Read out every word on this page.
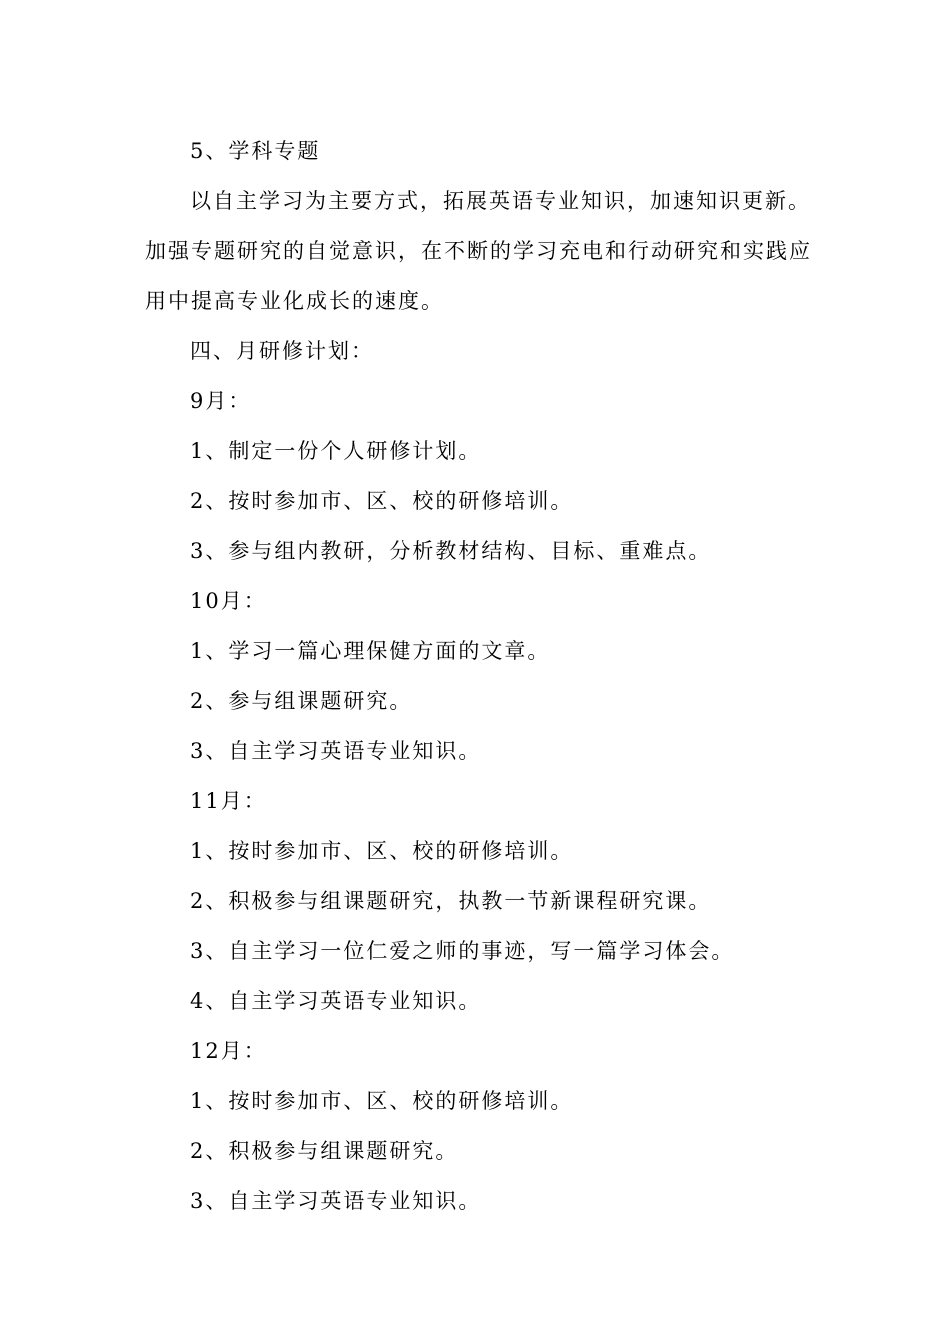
5、学科专题
以自主学习为主要方式，拓展英语专业知识，加速知识更新。
加强专题研究的自觉意识，在不断的学习充电和行动研究和实践应
用中提高专业化成长的速度。
四、月研修计划：
9月：
1、制定一份个人研修计划。
2、按时参加市、区、校的研修培训。
3、参与组内教研，分析教材结构、目标、重难点。
10月：
1、学习一篇心理保健方面的文章。
2、参与组课题研究。
3、自主学习英语专业知识。
11月：
1、按时参加市、区、校的研修培训。
2、积极参与组课题研究，执教一节新课程研究课。
3、自主学习一位仁爱之师的事迹，写一篇学习体会。
4、自主学习英语专业知识。
12月：
1、按时参加市、区、校的研修培训。
2、积极参与组课题研究。
3、自主学习英语专业知识。
